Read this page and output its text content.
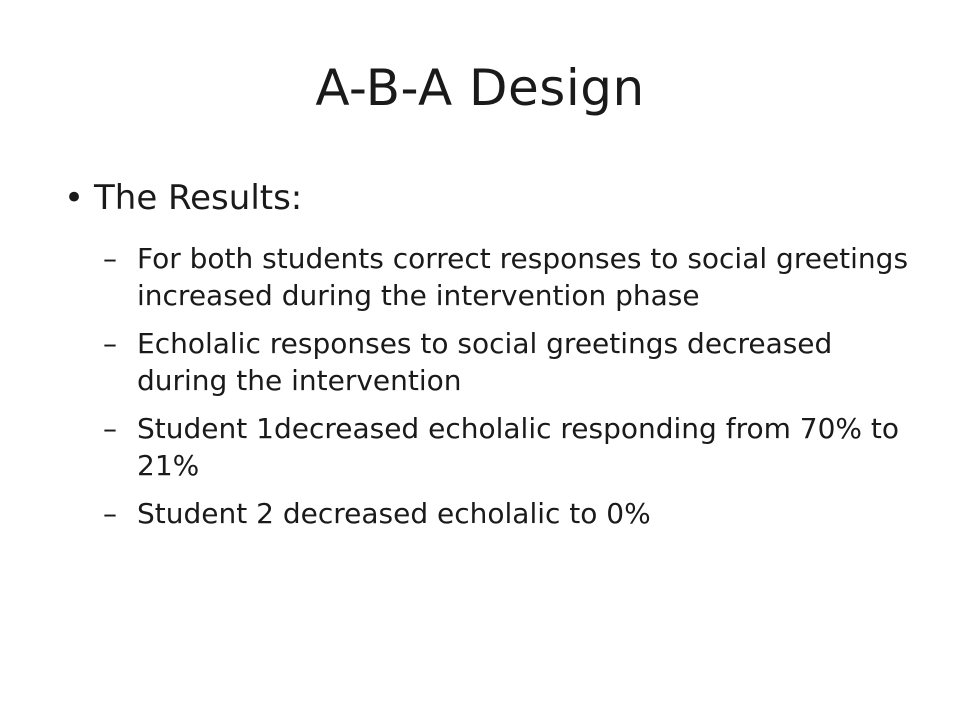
A-B-A Design
• The Results:
– For both students correct responses to social greetings increased during the intervention phase
– Echolalic responses to social greetings decreased during the intervention
– Student 1decreased echolalic responding from 70% to 21%
– Student 2 decreased echolalic to 0%
